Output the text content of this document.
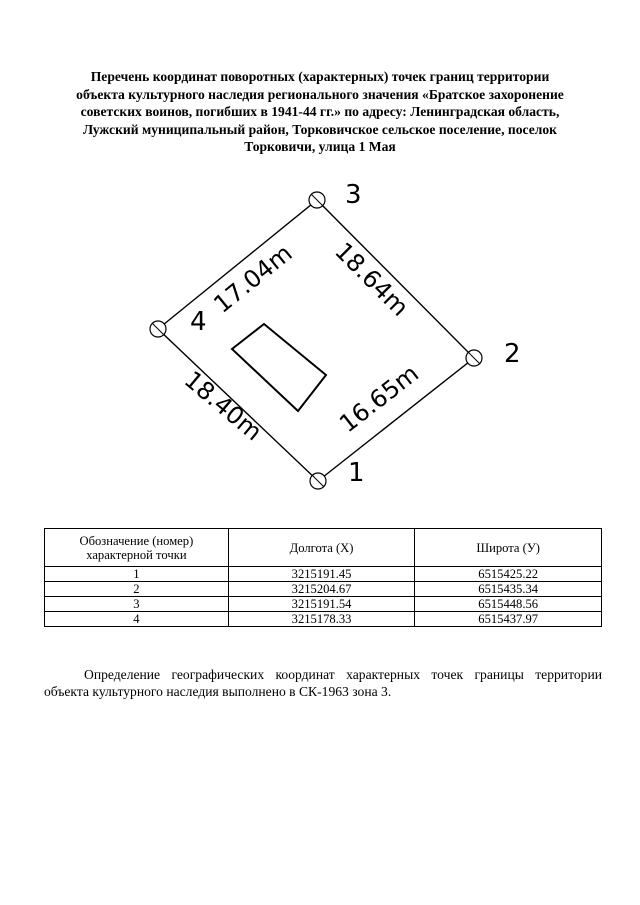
Перечень координат поворотных (характерных) точек границ территории
объекта культурного наследия регионального значения «Братское захоронение
советских воинов, погибших в 1941-44 гг.» по адресу: Ленинградская область,
Лужский муниципальный район, Торковичское сельское поселение, поселок
Торковичи, улица 1 Мая
1
2
3
4
18.64m
16.65m
18.40m
17.04m
Обозначение (номер) характерной точки	Долгота (X)	Широта (У)
1	3215191.45	6515425.22
2	3215204.67	6515435.34
3	3215191.54	6515448.56
4	3215178.33	6515437.97

Определение географических координат характерных точек границы территории объекта культурного наследия выполнено в СК-1963 зона 3.
